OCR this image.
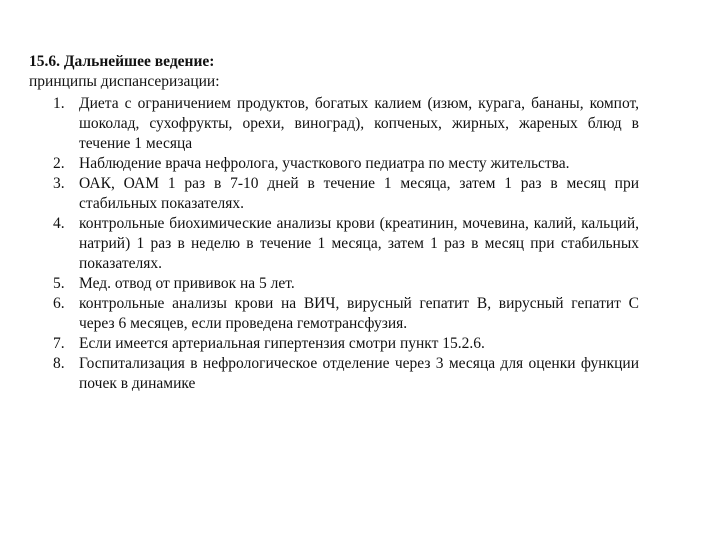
15.6. Дальнейшее ведение:

принципы диспансеризации:

1. Диета с ограничением продуктов, богатых калием (изюм, курага, бананы, компот, шоколад, сухофрукты, орехи, виноград), копченых, жирных, жареных блюд в течение 1 месяца
2. Наблюдение врача нефролога, участкового педиатра по месту жительства.
3. ОАК, ОАМ 1 раз в 7-10 дней в течение 1 месяца, затем 1 раз в месяц при стабильных показателях.
4. контрольные биохимические анализы крови (креатинин, мочевина, калий, кальций, натрий) 1 раз в неделю в течение 1 месяца, затем 1 раз в месяц при стабильных показателях.
5. Мед. отвод от прививок на 5 лет.
6. контрольные анализы крови на ВИЧ, вирусный гепатит В, вирусный гепатит С через 6 месяцев, если проведена гемотрансфузия.
7. Если имеется артериальная гипертензия смотри пункт 15.2.6.
8. Госпитализация в нефрологическое отделение через 3 месяца для оценки функции почек в динамике
